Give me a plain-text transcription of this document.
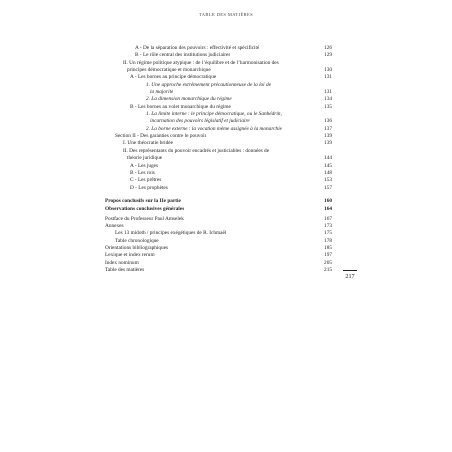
TABLE DES MATIÈRES
A - De la séparation des pouvoirs : effectivité et spécificité	126
B - Le rôle central des institutions judiciaires	129
II. Un régime politique atypique : de l’équilibre et de l’harmonisation des
principes démocratique et monarchique	130
A - Les bornes au principe démocratique	131
1. Une approche extrêmement précautionneuse de la loi de
la majorité	131
2. La dimension monarchique du régime	134
B - Les bornes au volet monarchique du régime	135
1. La limite interne : le principe démocratique, ou le Sanhédrin,
incarnation des pouvoirs législatif et judiciaire	136
2. La borne externe : la vocation même assignée à la monarchie	137
Section II - Des garanties contre le pouvoir	139
I. Une théocratie bridée	139
II. Des représentants du pouvoir encadrés et justiciables : données de
théorie juridique	144
A - Les juges	145
B - Les rois	148
C - Les prêtres	153
D - Les prophètes	157
Propos conclusifs sur la IIe partie	160
Observations conclusives générales	164
Postface du Professeur Paul Amselek	167
Annexes	173
Les 13 midoth / principes exégétiques de R. Ichmaël	175
Table chronologique	178
Orientations bibliographiques	185
Lexique et index rerum	197
Index nominum	205
Table des matières	215
217
